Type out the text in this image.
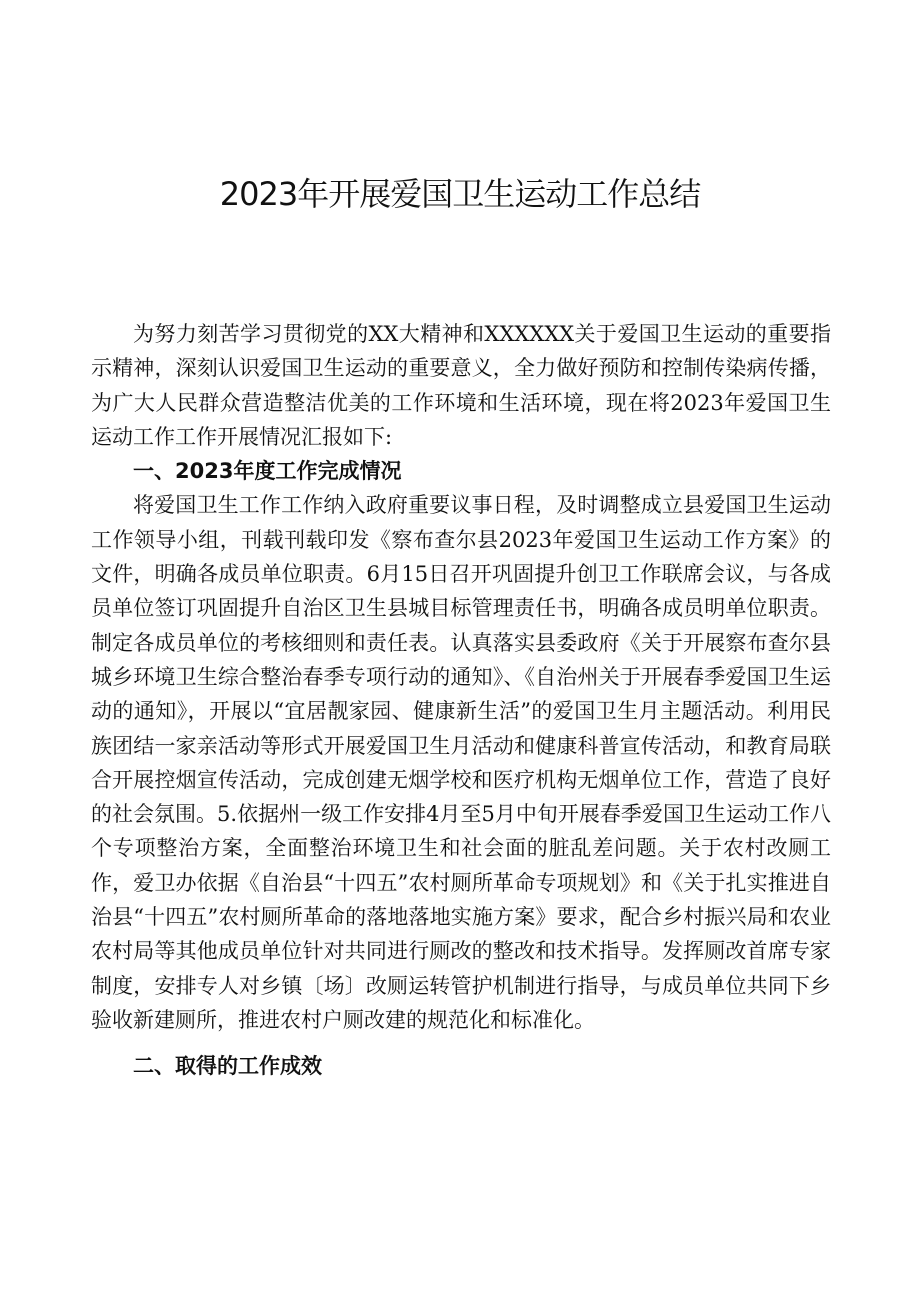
2023年开展爱国卫生运动工作总结

为努力刻苦学习贯彻党的XX大精神和XXXXXX关于爱国卫生运动的重要指示精神，深刻认识爱国卫生运动的重要意义，全力做好预防和控制传染病传播，为广大人民群众营造整洁优美的工作环境和生活环境，现在将2023年爱国卫生运动工作工作开展情况汇报如下:

一、2023年度工作完成情况

将爱国卫生工作工作纳入政府重要议事日程，及时调整成立县爱国卫生运动工作领导小组，刊载刊载印发《察布查尔县2023年爱国卫生运动工作方案》的文件，明确各成员单位职责。6月15日召开巩固提升创卫工作联席会议，与各成员单位签订巩固提升自治区卫生县城目标管理责任书，明确各成员明单位职责。制定各成员单位的考核细则和责任表。认真落实县委政府《关于开展察布查尔县城乡环境卫生综合整治春季专项行动的通知》、《自治州关于开展春季爱国卫生运动的通知》，开展以“宜居靓家园、健康新生活”的爱国卫生月主题活动。利用民族团结一家亲活动等形式开展爱国卫生月活动和健康科普宣传活动，和教育局联合开展控烟宣传活动，完成创建无烟学校和医疗机构无烟单位工作，营造了良好的社会氛围。5.依据州一级工作安排4月至5月中旬开展春季爱国卫生运动工作八个专项整治方案，全面整治环境卫生和社会面的脏乱差问题。关于农村改厕工作，爱卫办依据《自治县“十四五”农村厕所革命专项规划》和《关于扎实推进自治县“十四五”农村厕所革命的落地落地实施方案》要求，配合乡村振兴局和农业农村局等其他成员单位针对共同进行厕改的整改和技术指导。发挥厕改首席专家制度，安排专人对乡镇〔场〕改厕运转管护机制进行指导，与成员单位共同下乡验收新建厕所，推进农村户厕改建的规范化和标准化。

二、取得的工作成效
